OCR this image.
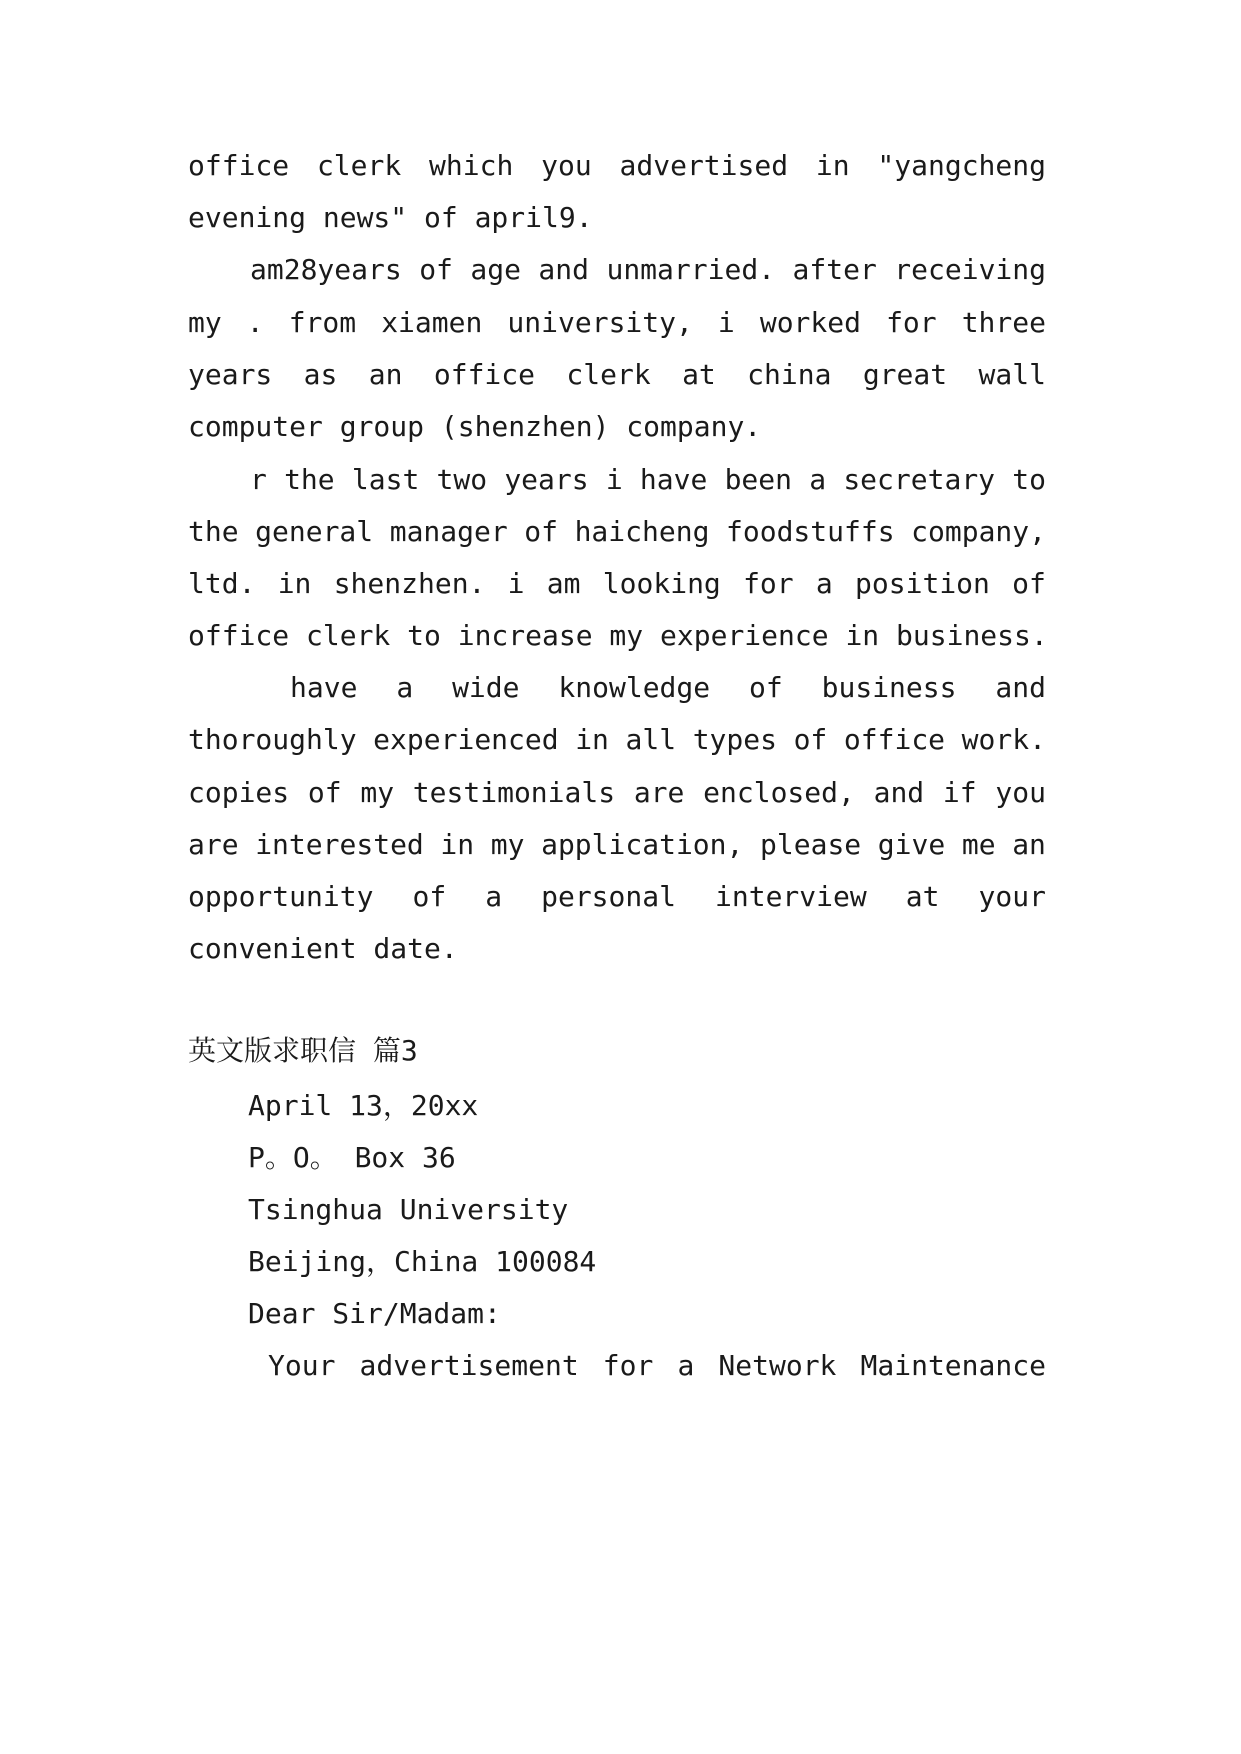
office clerk which you advertised in "yangcheng
evening news" of april9.
am28years of age and unmarried. after receiving
my . from xiamen university, i worked for three
years as an office clerk at china great wall
computer group (shenzhen) company.
r the last two years i have been a secretary to
the general manager of haicheng foodstuffs company,
ltd. in shenzhen. i am looking for a position of
office clerk to increase my experience in business.
have a wide knowledge of business and
thoroughly experienced in all types of office work.
copies of my testimonials are enclosed, and if you
are interested in my application, please give me an
opportunity of a personal interview at your
convenient date.
英文版求职信 篇3
April 13，20xx
P。O。 Box 36
Tsinghua University
Beijing，China 100084
Dear Sir/Madam:
Your advertisement for a Network Maintenance
